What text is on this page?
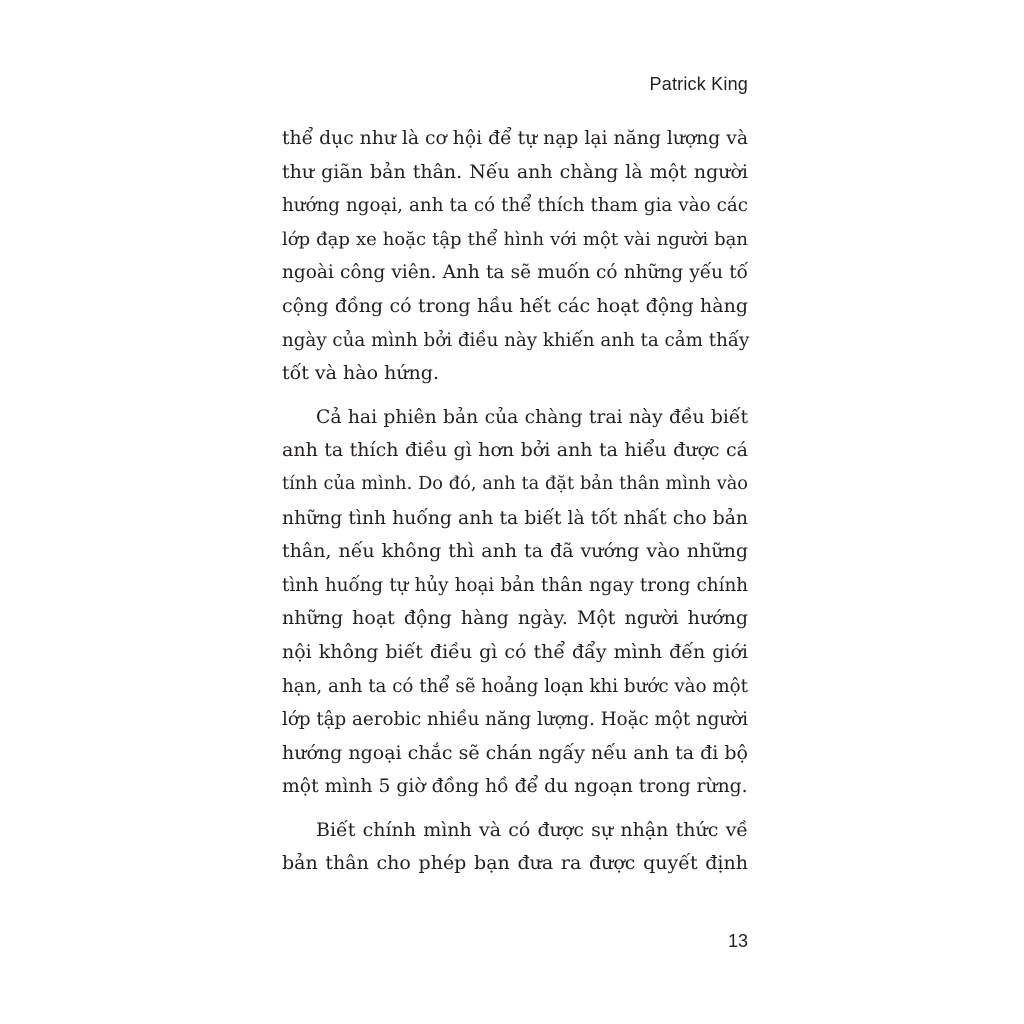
Patrick King

thể dục như là cơ hội để tự nạp lại năng lượng và
thư giãn bản thân. Nếu anh chàng là một người
hướng ngoại, anh ta có thể thích tham gia vào các
lớp đạp xe hoặc tập thể hình với một vài người bạn
ngoài công viên. Anh ta sẽ muốn có những yếu tố
cộng đồng có trong hầu hết các hoạt động hàng
ngày của mình bởi điều này khiến anh ta cảm thấy
tốt và hào hứng.

Cả hai phiên bản của chàng trai này đều biết
anh ta thích điều gì hơn bởi anh ta hiểu được cá
tính của mình. Do đó, anh ta đặt bản thân mình vào
những tình huống anh ta biết là tốt nhất cho bản
thân, nếu không thì anh ta đã vướng vào những
tình huống tự hủy hoại bản thân ngay trong chính
những hoạt động hàng ngày. Một người hướng
nội không biết điều gì có thể đẩy mình đến giới
hạn, anh ta có thể sẽ hoảng loạn khi bước vào một
lớp tập aerobic nhiều năng lượng. Hoặc một người
hướng ngoại chắc sẽ chán ngấy nếu anh ta đi bộ
một mình 5 giờ đồng hồ để du ngoạn trong rừng.

Biết chính mình và có được sự nhận thức về
bản thân cho phép bạn đưa ra được quyết định

13
